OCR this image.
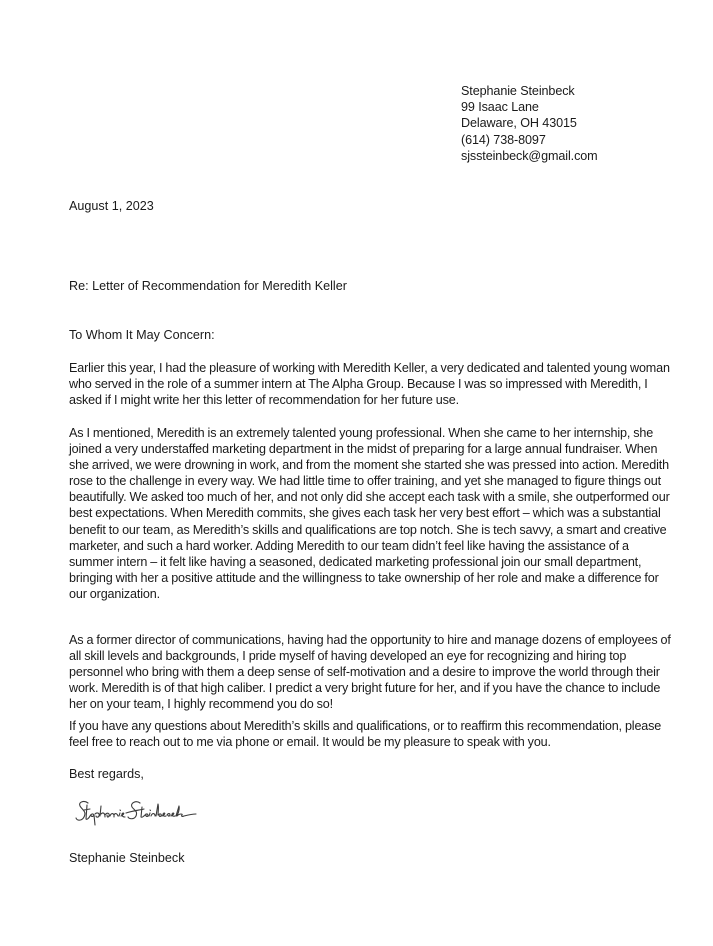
Stephanie Steinbeck
99 Isaac Lane
Delaware, OH 43015
(614) 738-8097
sjssteinbeck@gmail.com
August 1, 2023
Re: Letter of Recommendation for Meredith Keller
To Whom It May Concern:

Earlier this year, I had the pleasure of working with Meredith Keller, a very dedicated and talented young woman who served in the role of a summer intern at The Alpha Group. Because I was so impressed with Meredith, I asked if I might write her this letter of recommendation for her future use.

As I mentioned, Meredith is an extremely talented young professional. When she came to her internship, she joined a very understaffed marketing department in the midst of preparing for a large annual fundraiser. When she arrived, we were drowning in work, and from the moment she started she was pressed into action. Meredith rose to the challenge in every way. We had little time to offer training, and yet she managed to figure things out beautifully. We asked too much of her, and not only did she accept each task with a smile, she outperformed our best expectations. When Meredith commits, she gives each task her very best effort – which was a substantial benefit to our team, as Meredith’s skills and qualifications are top notch. She is tech savvy, a smart and creative marketer, and such a hard worker. Adding Meredith to our team didn’t feel like having the assistance of a summer intern – it felt like having a seasoned, dedicated marketing professional join our small department, bringing with her a positive attitude and the willingness to take ownership of her role and make a difference for our organization.

As a former director of communications, having had the opportunity to hire and manage dozens of employees of all skill levels and backgrounds, I pride myself of having developed an eye for recognizing and hiring top personnel who bring with them a deep sense of self-motivation and a desire to improve the world through their work. Meredith is of that high caliber. I predict a very bright future for her, and if you have the chance to include her on your team, I highly recommend you do so!

If you have any questions about Meredith’s skills and qualifications, or to reaffirm this recommendation, please feel free to reach out to me via phone or email. It would be my pleasure to speak with you.

Best regards,
Stephanie Steinbeck
